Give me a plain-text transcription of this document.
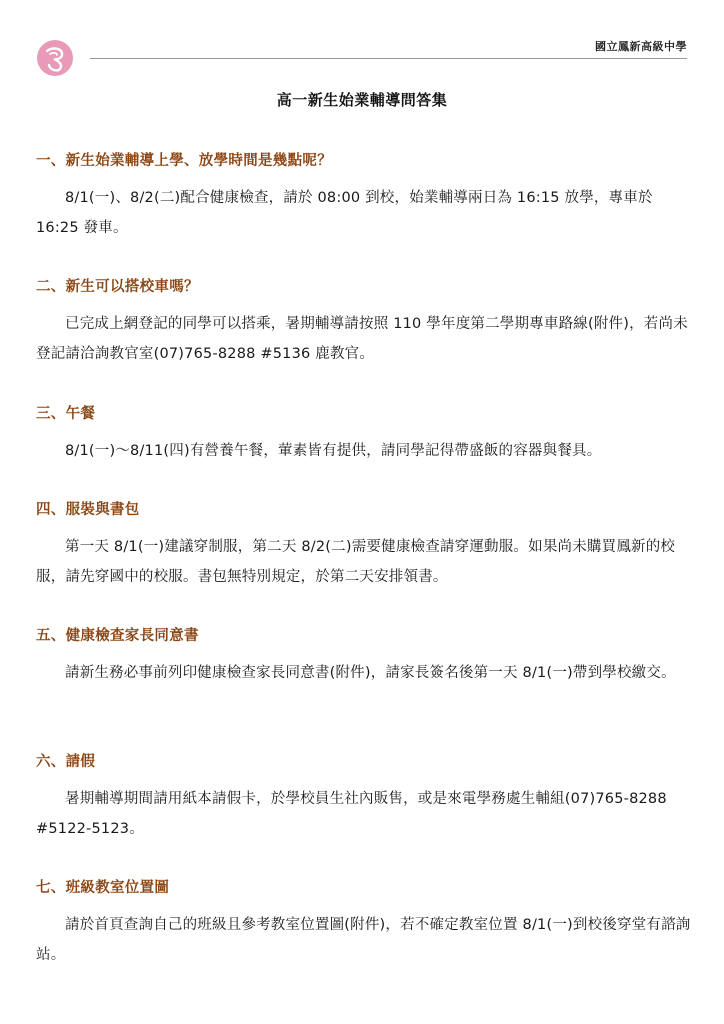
國立鳳新高級中學
高一新生始業輔導問答集
一、新生始業輔導上學、放學時間是幾點呢？

8/1(一)、8/2(二)配合健康檢查，請於 08:00 到校，始業輔導兩日為 16:15 放學，專車於 16:25 發車。

二、新生可以搭校車嗎？

已完成上網登記的同學可以搭乘，暑期輔導請按照 110 學年度第二學期專車路線(附件)，若尚未登記請洽詢教官室(07)765-8288 #5136 鹿教官。

三、午餐

8/1(一)～8/11(四)有營養午餐，葷素皆有提供，請同學記得帶盛飯的容器與餐具。

四、服裝與書包

第一天 8/1(一)建議穿制服，第二天 8/2(二)需要健康檢查請穿運動服。如果尚未購買鳳新的校服，請先穿國中的校服。書包無特別規定，於第二天安排領書。

五、健康檢查家長同意書

請新生務必事前列印健康檢查家長同意書(附件)，請家長簽名後第一天 8/1(一)帶到學校繳交。

六、請假

暑期輔導期間請用紙本請假卡，於學校員生社內販售，或是來電學務處生輔組(07)765-8288 #5122-5123。

七、班級教室位置圖

請於首頁查詢自己的班級且參考教室位置圖(附件)，若不確定教室位置 8/1(一)到校後穿堂有諮詢站。
